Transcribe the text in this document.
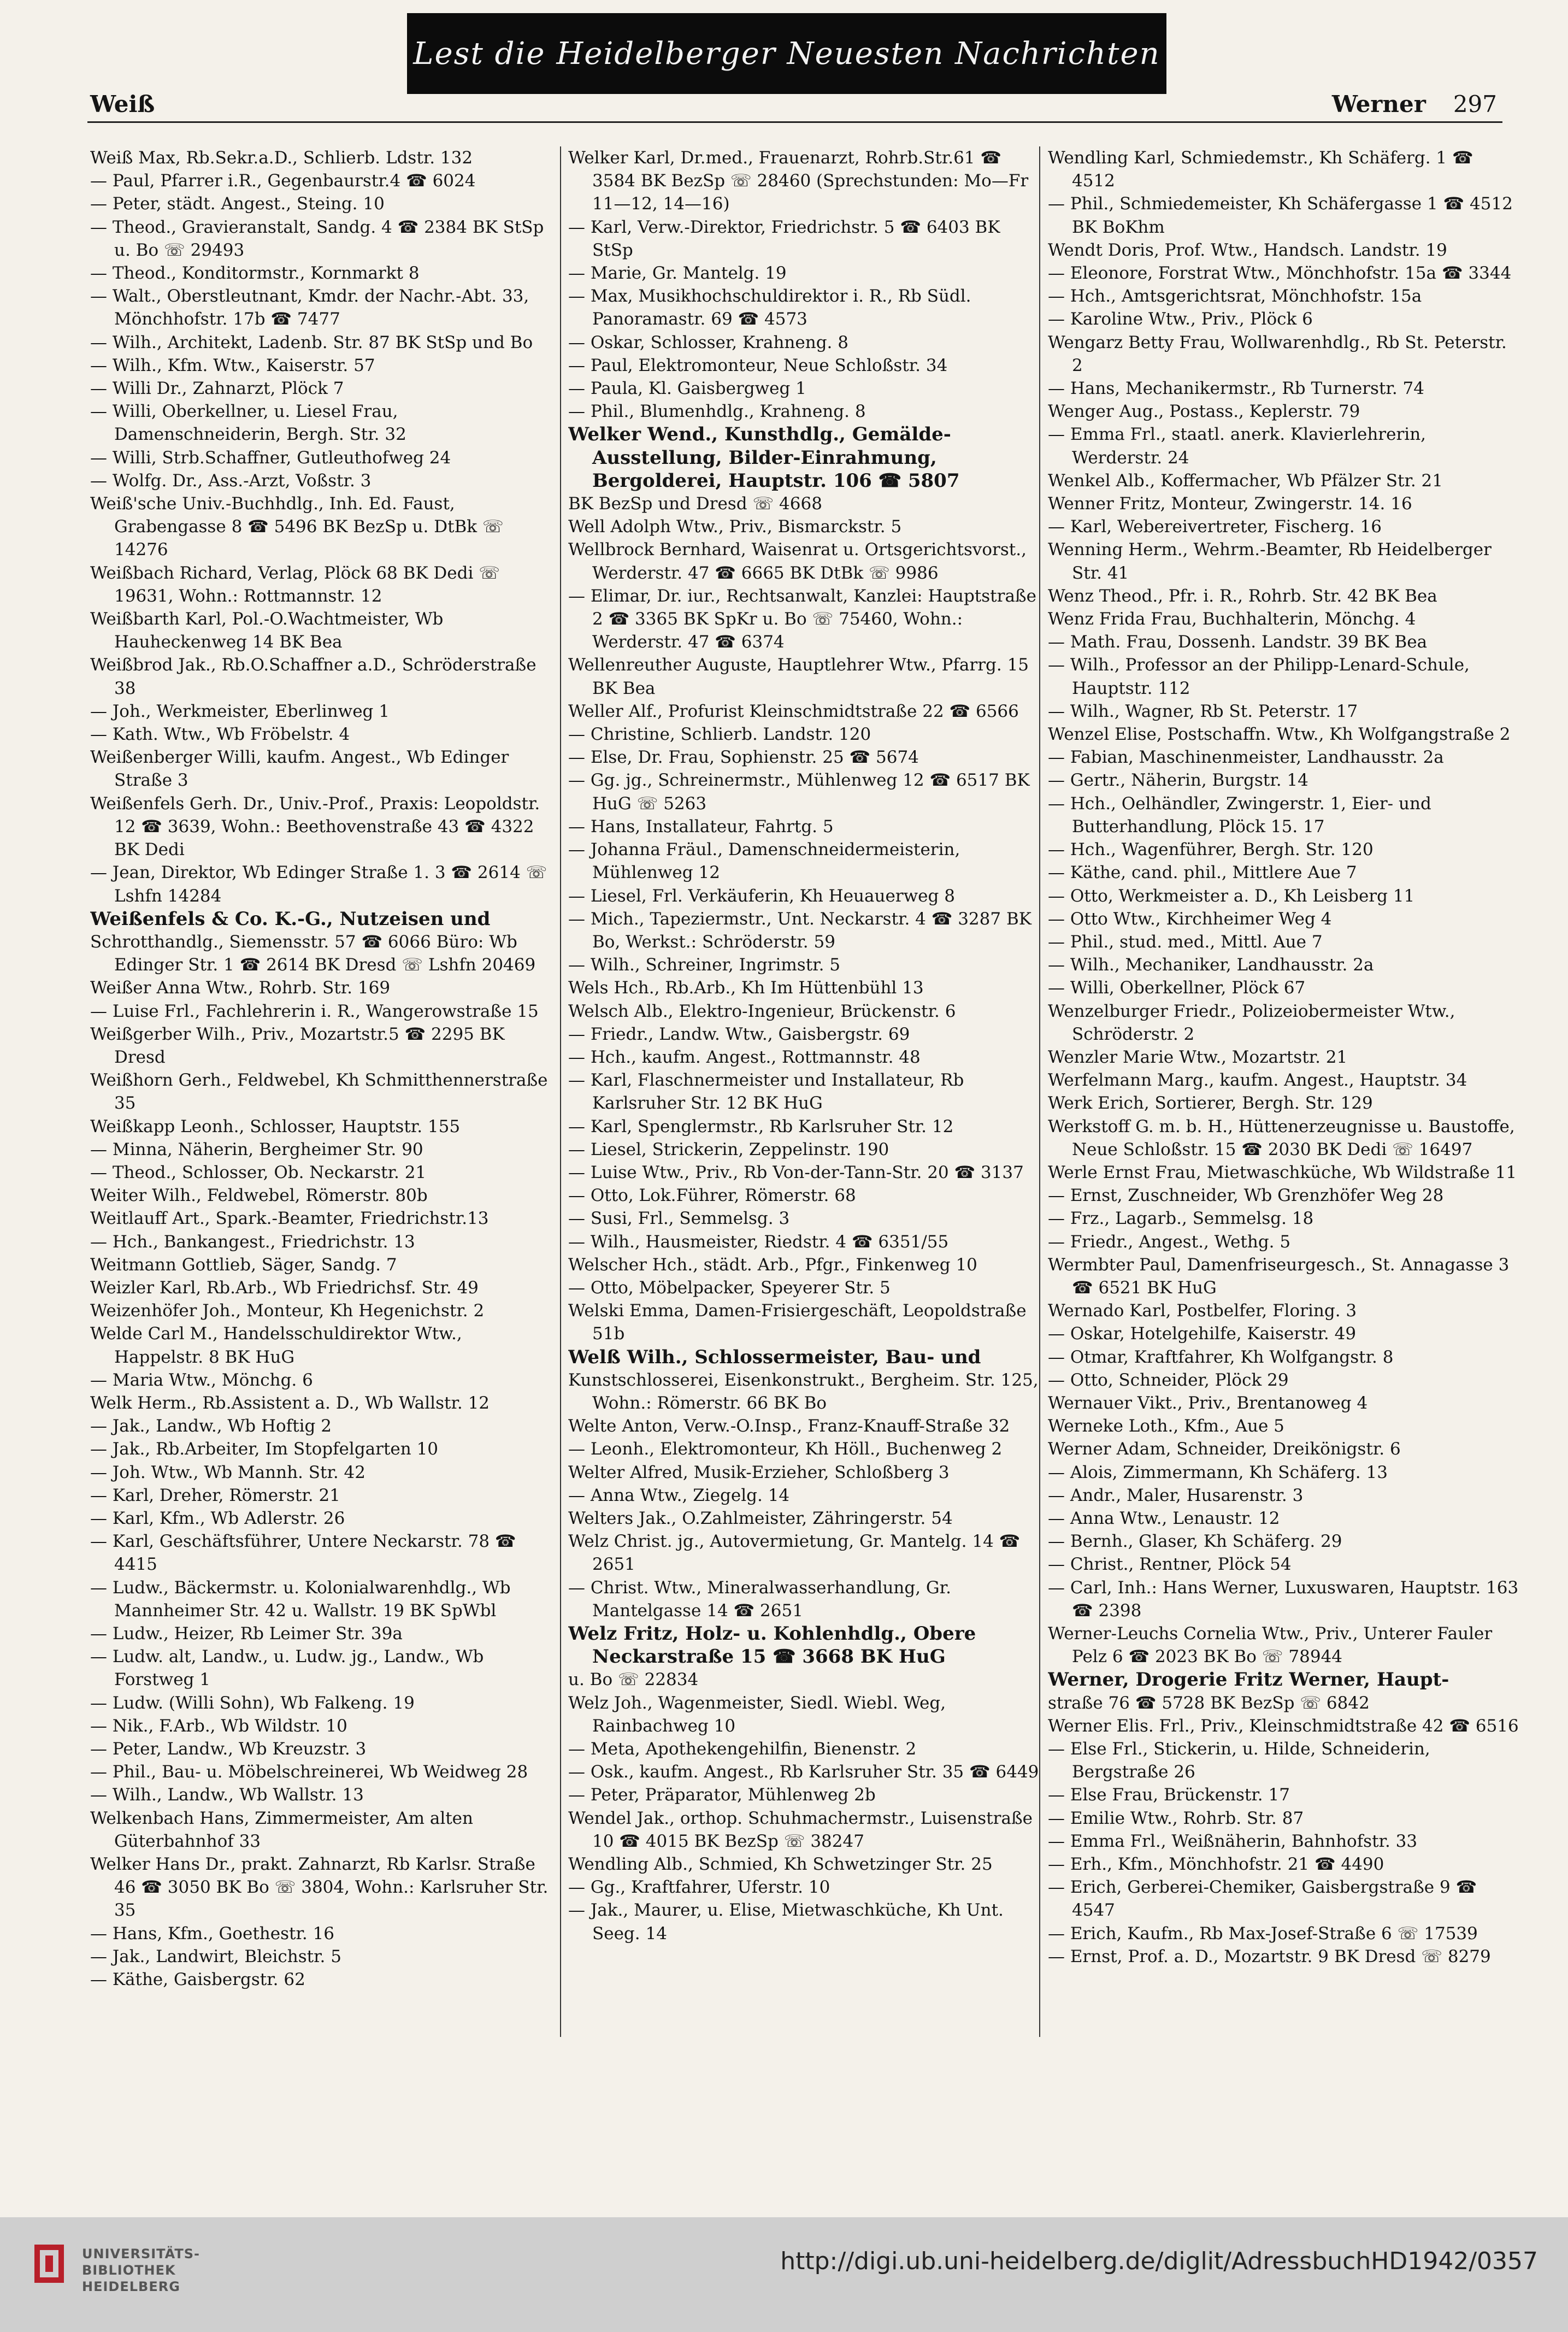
Lest die Heidelberger Neuesten Nachrichten
Weiß	Werner 297
Weiß Max, Rb.Sekr.a.D., Schlierb. Ldstr. 132
— Paul, Pfarrer i.R., Gegenbaurstr.4 ☎ 6024
— Peter, städt. Angest., Steing. 10
— Theod., Gravieranstalt, Sandg. 4 ☎ 2384 BK StSp u. Bo ☏ 29493
— Theod., Konditormstr., Kornmarkt 8
— Walt., Oberstleutnant, Kmdr. der Nachr.-Abt. 33, Mönchhofstr. 17b ☎ 7477
— Wilh., Architekt, Ladenb. Str. 87 BK StSp und Bo
— Wilh., Kfm. Wtw., Kaiserstr. 57
— Willi Dr., Zahnarzt, Plöck 7
— Willi, Oberkellner, u. Liesel Frau, Damenschneiderin, Bergh. Str. 32
— Willi, Strb.Schaffner, Gutleuthofweg 24
— Wolfg. Dr., Ass.-Arzt, Voßstr. 3
Weiß'sche Univ.-Buchhdlg., Inh. Ed. Faust, Grabengasse 8 ☎ 5496 BK BezSp u. DtBk ☏ 14276
Weißbach Richard, Verlag, Plöck 68 BK Dedi ☏ 19631, Wohn.: Rottmannstr. 12
Weißbarth Karl, Pol.-O.Wachtmeister, Wb Hauheckenweg 14 BK Bea
Weißbrod Jak., Rb.O.Schaffner a.D., Schröderstraße 38
— Joh., Werkmeister, Eberlinweg 1
— Kath. Wtw., Wb Fröbelstr. 4
Weißenberger Willi, kaufm. Angest., Wb Edinger Straße 3
Weißenfels Gerh. Dr., Univ.-Prof., Praxis: Leopoldstr. 12 ☎ 3639, Wohn.: Beethovenstraße 43 ☎ 4322 BK Dedi
— Jean, Direktor, Wb Edinger Straße 1. 3 ☎ 2614 ☏ Lshfn 14284
Weißenfels & Co. K.-G., Nutzeisen und
Schrotthandlg., Siemensstr. 57 ☎ 6066 Büro: Wb Edinger Str. 1 ☎ 2614 BK Dresd ☏ Lshfn 20469
Weißer Anna Wtw., Rohrb. Str. 169
— Luise Frl., Fachlehrerin i. R., Wangerowstraße 15
Weißgerber Wilh., Priv., Mozartstr.5 ☎ 2295 BK Dresd
Weißhorn Gerh., Feldwebel, Kh Schmitthennerstraße 35
Weißkapp Leonh., Schlosser, Hauptstr. 155
— Minna, Näherin, Bergheimer Str. 90
— Theod., Schlosser, Ob. Neckarstr. 21
Weiter Wilh., Feldwebel, Römerstr. 80b
Weitlauff Art., Spark.-Beamter, Friedrichstr.13
— Hch., Bankangest., Friedrichstr. 13
Weitmann Gottlieb, Säger, Sandg. 7
Weizler Karl, Rb.Arb., Wb Friedrichsf. Str. 49
Weizenhöfer Joh., Monteur, Kh Hegenichstr. 2
Welde Carl M., Handelsschuldirektor Wtw., Happelstr. 8 BK HuG
— Maria Wtw., Mönchg. 6
Welk Herm., Rb.Assistent a. D., Wb Wallstr. 12
— Jak., Landw., Wb Hoftig 2
— Jak., Rb.Arbeiter, Im Stopfelgarten 10
— Joh. Wtw., Wb Mannh. Str. 42
— Karl, Dreher, Römerstr. 21
— Karl, Kfm., Wb Adlerstr. 26
— Karl, Geschäftsführer, Untere Neckarstr. 78 ☎ 4415
— Ludw., Bäckermstr. u. Kolonialwarenhdlg., Wb Mannheimer Str. 42 u. Wallstr. 19 BK SpWbl
— Ludw., Heizer, Rb Leimer Str. 39a
— Ludw. alt, Landw., u. Ludw. jg., Landw., Wb Forstweg 1
— Ludw. (Willi Sohn), Wb Falkeng. 19
— Nik., F.Arb., Wb Wildstr. 10
— Peter, Landw., Wb Kreuzstr. 3
— Phil., Bau- u. Möbelschreinerei, Wb Weidweg 28
— Wilh., Landw., Wb Wallstr. 13
Welkenbach Hans, Zimmermeister, Am alten Güterbahnhof 33
Welker Hans Dr., prakt. Zahnarzt, Rb Karlsr. Straße 46 ☎ 3050 BK Bo ☏ 3804, Wohn.: Karlsruher Str. 35
— Hans, Kfm., Goethestr. 16
— Jak., Landwirt, Bleichstr. 5
— Käthe, Gaisbergstr. 62
Welker Karl, Dr.med., Frauenarzt, Rohrb.Str.61 ☎ 3584 BK BezSp ☏ 28460 (Sprechstunden: Mo—Fr 11—12, 14—16)
— Karl, Verw.-Direktor, Friedrichstr. 5 ☎ 6403 BK StSp
— Marie, Gr. Mantelg. 19
— Max, Musikhochschuldirektor i. R., Rb Südl. Panoramastr. 69 ☎ 4573
— Oskar, Schlosser, Krahneng. 8
— Paul, Elektromonteur, Neue Schloßstr. 34
— Paula, Kl. Gaisbergweg 1
— Phil., Blumenhdlg., Krahneng. 8
Welker Wend., Kunsthdlg., Gemälde-Ausstellung, Bilder-Einrahmung, Bergolderei, Hauptstr. 106 ☎ 5807
BK BezSp und Dresd ☏ 4668
Well Adolph Wtw., Priv., Bismarckstr. 5
Wellbrock Bernhard, Waisenrat u. Ortsgerichtsvorst., Werderstr. 47 ☎ 6665 BK DtBk ☏ 9986
— Elimar, Dr. iur., Rechtsanwalt, Kanzlei: Hauptstraße 2 ☎ 3365 BK SpKr u. Bo ☏ 75460, Wohn.: Werderstr. 47 ☎ 6374
Wellenreuther Auguste, Hauptlehrer Wtw., Pfarrg. 15 BK Bea
Weller Alf., Profurist Kleinschmidtstraße 22 ☎ 6566
— Christine, Schlierb. Landstr. 120
— Else, Dr. Frau, Sophienstr. 25 ☎ 5674
— Gg. jg., Schreinermstr., Mühlenweg 12 ☎ 6517 BK HuG ☏ 5263
— Hans, Installateur, Fahrtg. 5
— Johanna Fräul., Damenschneidermeisterin, Mühlenweg 12
— Liesel, Frl. Verkäuferin, Kh Heuauerweg 8
— Mich., Tapeziermstr., Unt. Neckarstr. 4 ☎ 3287 BK Bo, Werkst.: Schröderstr. 59
— Wilh., Schreiner, Ingrimstr. 5
Wels Hch., Rb.Arb., Kh Im Hüttenbühl 13
Welsch Alb., Elektro-Ingenieur, Brückenstr. 6
— Friedr., Landw. Wtw., Gaisbergstr. 69
— Hch., kaufm. Angest., Rottmannstr. 48
— Karl, Flaschnermeister und Installateur, Rb Karlsruher Str. 12 BK HuG
— Karl, Spenglermstr., Rb Karlsruher Str. 12
— Liesel, Strickerin, Zeppelinstr. 190
— Luise Wtw., Priv., Rb Von-der-Tann-Str. 20 ☎ 3137
— Otto, Lok.Führer, Römerstr. 68
— Susi, Frl., Semmelsg. 3
— Wilh., Hausmeister, Riedstr. 4 ☎ 6351/55
Welscher Hch., städt. Arb., Pfgr., Finkenweg 10
— Otto, Möbelpacker, Speyerer Str. 5
Welski Emma, Damen-Frisiergeschäft, Leopoldstraße 51b
Welß Wilh., Schlossermeister, Bau- und
Kunstschlosserei, Eisenkonstrukt., Bergheim. Str. 125, Wohn.: Römerstr. 66 BK Bo
Welte Anton, Verw.-O.Insp., Franz-Knauff-Straße 32
— Leonh., Elektromonteur, Kh Höll., Buchenweg 2
Welter Alfred, Musik-Erzieher, Schloßberg 3
— Anna Wtw., Ziegelg. 14
Welters Jak., O.Zahlmeister, Zähringerstr. 54
Welz Christ. jg., Autovermietung, Gr. Mantelg. 14 ☎ 2651
— Christ. Wtw., Mineralwasserhandlung, Gr. Mantelgasse 14 ☎ 2651
Welz Fritz, Holz- u. Kohlenhdlg., Obere Neckarstraße 15 ☎ 3668 BK HuG
u. Bo ☏ 22834
Welz Joh., Wagenmeister, Siedl. Wiebl. Weg, Rainbachweg 10
— Meta, Apothekengehilfin, Bienenstr. 2
— Osk., kaufm. Angest., Rb Karlsruher Str. 35 ☎ 6449
— Peter, Präparator, Mühlenweg 2b
Wendel Jak., orthop. Schuhmachermstr., Luisenstraße 10 ☎ 4015 BK BezSp ☏ 38247
Wendling Alb., Schmied, Kh Schwetzinger Str. 25
— Gg., Kraftfahrer, Uferstr. 10
— Jak., Maurer, u. Elise, Mietwaschküche, Kh Unt. Seeg. 14
Wendling Karl, Schmiedemstr., Kh Schäferg. 1 ☎ 4512
— Phil., Schmiedemeister, Kh Schäfergasse 1 ☎ 4512 BK BoKhm
Wendt Doris, Prof. Wtw., Handsch. Landstr. 19
— Eleonore, Forstrat Wtw., Mönchhofstr. 15a ☎ 3344
— Hch., Amtsgerichtsrat, Mönchhofstr. 15a
— Karoline Wtw., Priv., Plöck 6
Wengarz Betty Frau, Wollwarenhdlg., Rb St. Peterstr. 2
— Hans, Mechanikermstr., Rb Turnerstr. 74
Wenger Aug., Postass., Keplerstr. 79
— Emma Frl., staatl. anerk. Klavierlehrerin, Werderstr. 24
Wenkel Alb., Koffermacher, Wb Pfälzer Str. 21
Wenner Fritz, Monteur, Zwingerstr. 14. 16
— Karl, Webereivertreter, Fischerg. 16
Wenning Herm., Wehrm.-Beamter, Rb Heidelberger Str. 41
Wenz Theod., Pfr. i. R., Rohrb. Str. 42 BK Bea
Wenz Frida Frau, Buchhalterin, Mönchg. 4
— Math. Frau, Dossenh. Landstr. 39 BK Bea
— Wilh., Professor an der Philipp-Lenard-Schule, Hauptstr. 112
— Wilh., Wagner, Rb St. Peterstr. 17
Wenzel Elise, Postschaffn. Wtw., Kh Wolfgangstraße 2
— Fabian, Maschinenmeister, Landhausstr. 2a
— Gertr., Näherin, Burgstr. 14
— Hch., Oelhändler, Zwingerstr. 1, Eier- und Butterhandlung, Plöck 15. 17
— Hch., Wagenführer, Bergh. Str. 120
— Käthe, cand. phil., Mittlere Aue 7
— Otto, Werkmeister a. D., Kh Leisberg 11
— Otto Wtw., Kirchheimer Weg 4
— Phil., stud. med., Mittl. Aue 7
— Wilh., Mechaniker, Landhausstr. 2a
— Willi, Oberkellner, Plöck 67
Wenzelburger Friedr., Polizeiobermeister Wtw., Schröderstr. 2
Wenzler Marie Wtw., Mozartstr. 21
Werfelmann Marg., kaufm. Angest., Hauptstr. 34
Werk Erich, Sortierer, Bergh. Str. 129
Werkstoff G. m. b. H., Hüttenerzeugnisse u. Baustoffe, Neue Schloßstr. 15 ☎ 2030 BK Dedi ☏ 16497
Werle Ernst Frau, Mietwaschküche, Wb Wildstraße 11
— Ernst, Zuschneider, Wb Grenzhöfer Weg 28
— Frz., Lagarb., Semmelsg. 18
— Friedr., Angest., Wethg. 5
Wermbter Paul, Damenfriseurgesch., St. Annagasse 3 ☎ 6521 BK HuG
Wernado Karl, Postbelfer, Floring. 3
— Oskar, Hotelgehilfe, Kaiserstr. 49
— Otmar, Kraftfahrer, Kh Wolfgangstr. 8
— Otto, Schneider, Plöck 29
Wernauer Vikt., Priv., Brentanoweg 4
Werneke Loth., Kfm., Aue 5
Werner Adam, Schneider, Dreikönigstr. 6
— Alois, Zimmermann, Kh Schäferg. 13
— Andr., Maler, Husarenstr. 3
— Anna Wtw., Lenaustr. 12
— Bernh., Glaser, Kh Schäferg. 29
— Christ., Rentner, Plöck 54
— Carl, Inh.: Hans Werner, Luxuswaren, Hauptstr. 163 ☎ 2398
Werner-Leuchs Cornelia Wtw., Priv., Unterer Fauler Pelz 6 ☎ 2023 BK Bo ☏ 78944
Werner, Drogerie Fritz Werner, Haupt-
straße 76 ☎ 5728 BK BezSp ☏ 6842
Werner Elis. Frl., Priv., Kleinschmidtstraße 42 ☎ 6516
— Else Frl., Stickerin, u. Hilde, Schneiderin, Bergstraße 26
— Else Frau, Brückenstr. 17
— Emilie Wtw., Rohrb. Str. 87
— Emma Frl., Weißnäherin, Bahnhofstr. 33
— Erh., Kfm., Mönchhofstr. 21 ☎ 4490
— Erich, Gerberei-Chemiker, Gaisbergstraße 9 ☎ 4547
— Erich, Kaufm., Rb Max-Josef-Straße 6 ☏ 17539
— Ernst, Prof. a. D., Mozartstr. 9 BK Dresd ☏ 8279
UNIVERSITÄTS-
BIBLIOTHEK
HEIDELBERG
http://digi.ub.uni-heidelberg.de/diglit/AdressbuchHD1942/0357
